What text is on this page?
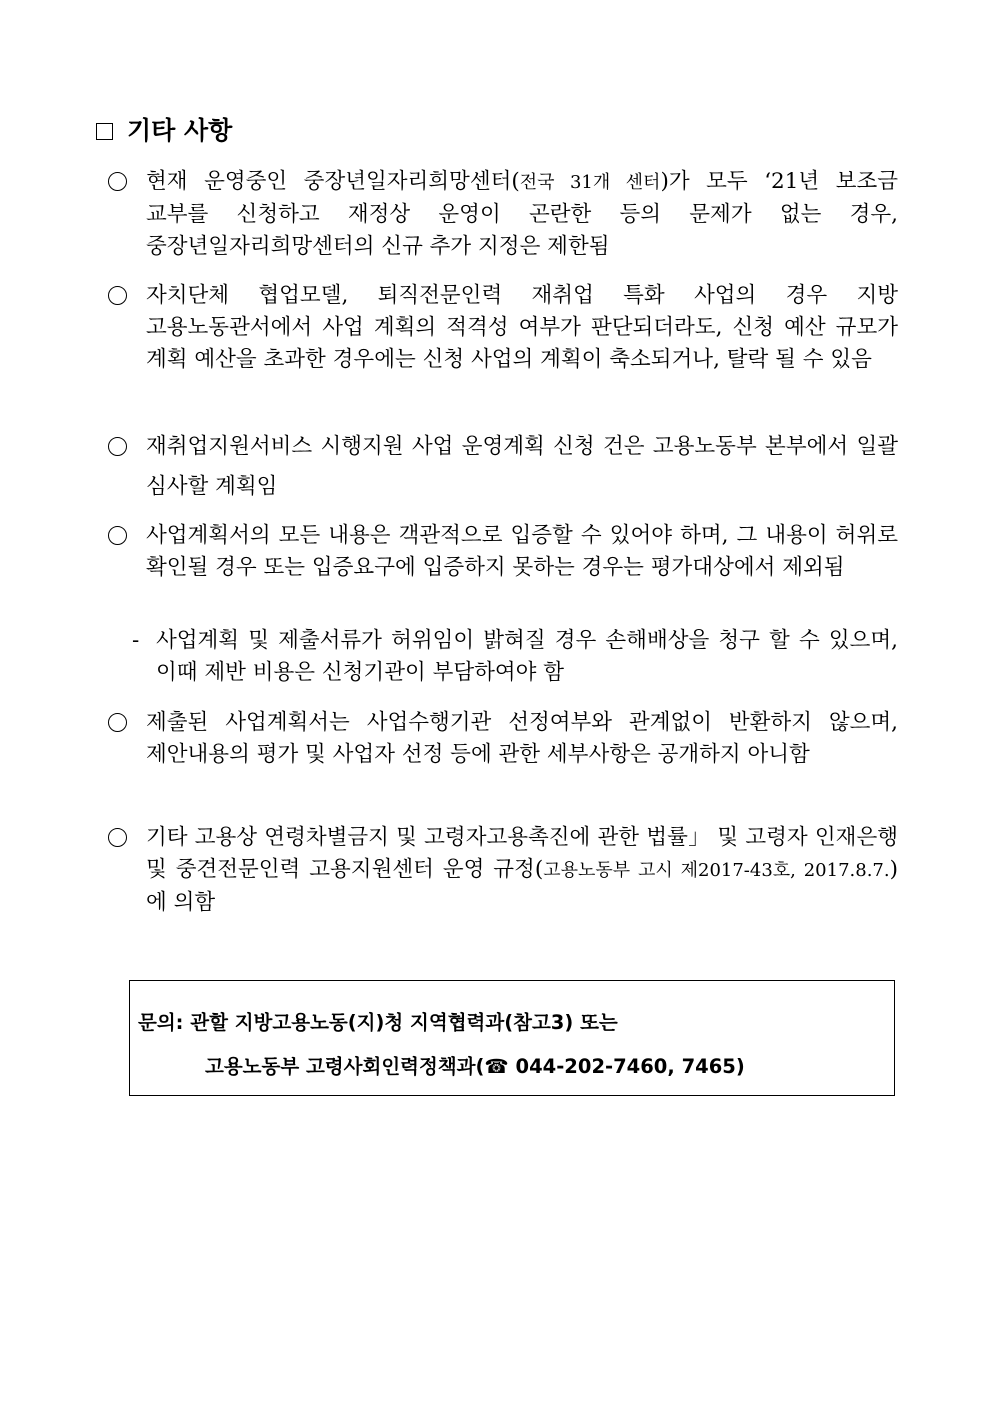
기타 사항
현재 운영중인 중장년일자리희망센터(전국 31개 센터)가 모두 ‘21년 보조금 교부를 신청하고 재정상 운영이 곤란한 등의 문제가 없는 경우, 중장년일자리희망센터의 신규 추가 지정은 제한됨
자치단체 협업모델, 퇴직전문인력 재취업 특화 사업의 경우 지방 고용노동관서에서 사업 계획의 적격성 여부가 판단되더라도, 신청 예산 규모가 계획 예산을 초과한 경우에는 신청 사업의 계획이 축소되거나, 탈락 될 수 있음
재취업지원서비스 시행지원 사업 운영계획 신청 건은 고용노동부 본부에서 일괄 심사할 계획임
사업계획서의 모든 내용은 객관적으로 입증할 수 있어야 하며, 그 내용이 허위로 확인될 경우 또는 입증요구에 입증하지 못하는 경우는 평가대상에서 제외됨
- 사업계획 및 제출서류가 허위임이 밝혀질 경우 손해배상을 청구 할 수 있으며, 이때 제반 비용은 신청기관이 부담하여야 함
제출된 사업계획서는 사업수행기관 선정여부와 관계없이 반환하지 않으며, 제안내용의 평가 및 사업자 선정 등에 관한 세부사항은 공개하지 아니함
기타 고용상 연령차별금지 및 고령자고용촉진에 관한 법률」 및 고령자 인재은행 및 중견전문인력 고용지원센터 운영 규정(고용노동부 고시 제2017-43호, 2017.8.7.)에 의함
문의: 관할 지방고용노동(지)청 지역협력과(참고3) 또는
고용노동부 고령사회인력정책과(☎ 044-202-7460, 7465)
